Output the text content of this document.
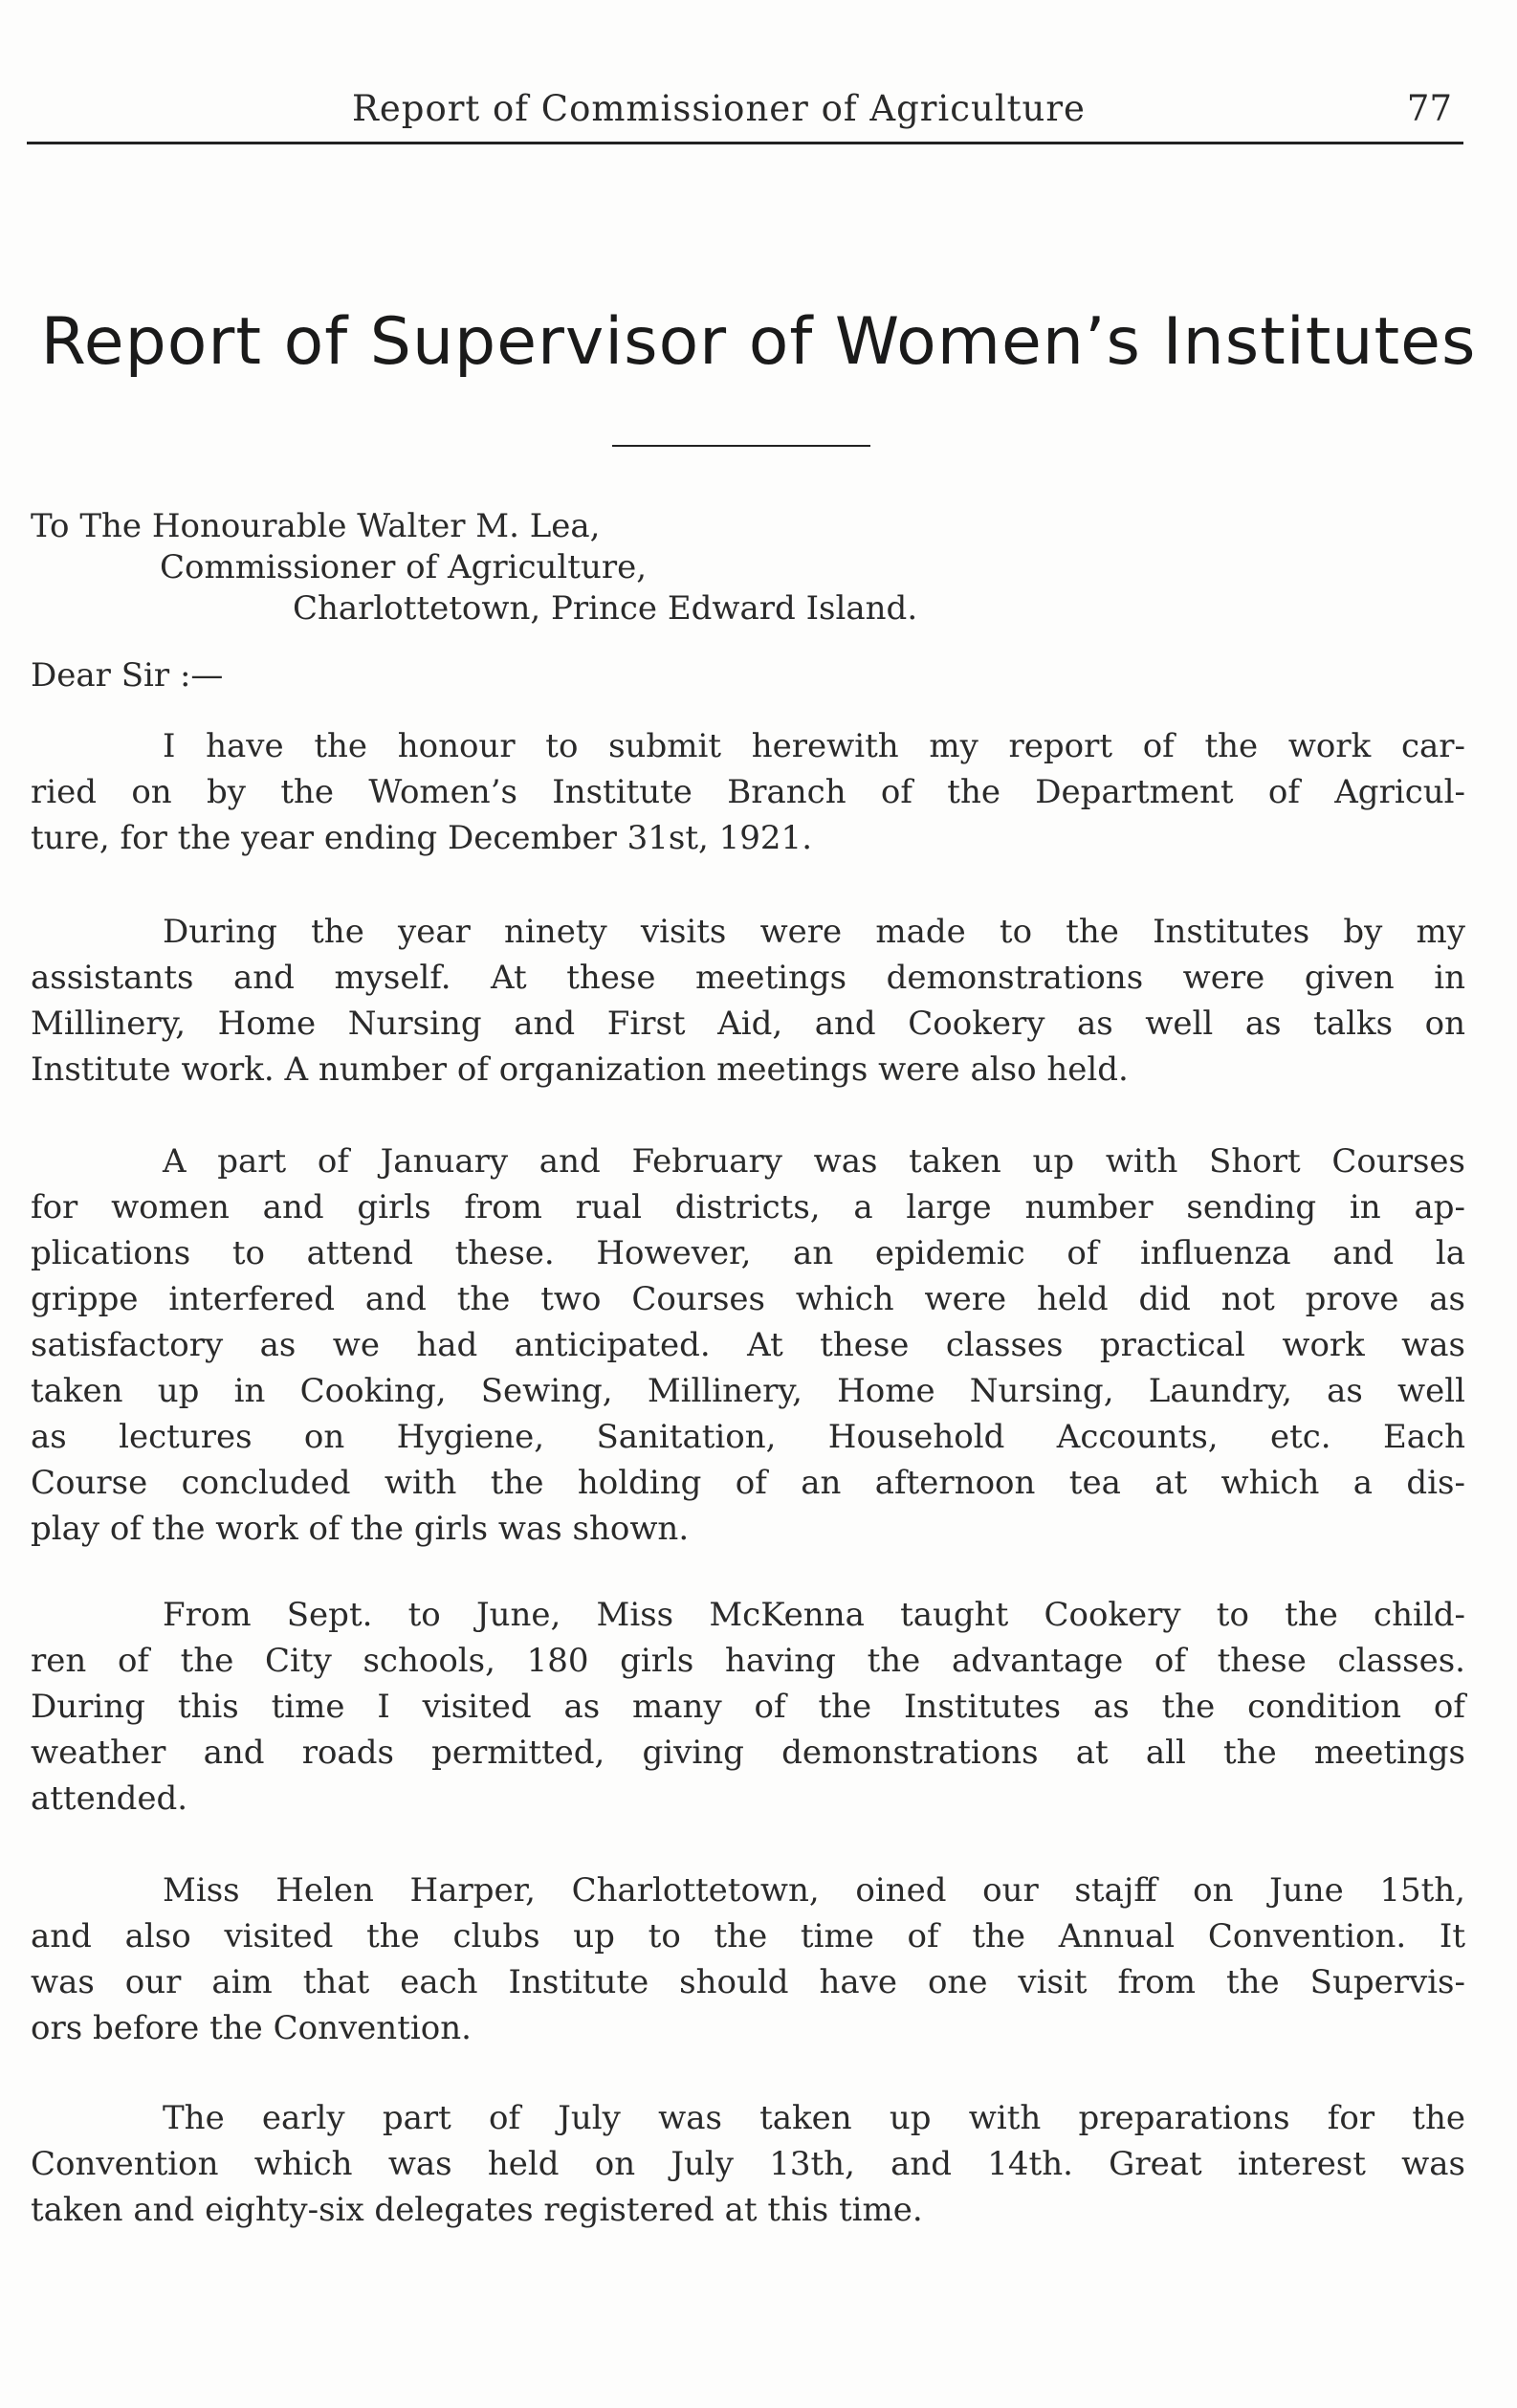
Report of Commissioner of Agriculture	77
Report of Supervisor of Women’s Institutes
To The Honourable Walter M. Lea,
Commissioner of Agriculture,
Charlottetown, Prince Edward Island.
Dear Sir :—
I have the honour to submit herewith my report of the work car-
ried on by the Women’s Institute Branch of the Department of Agricul-
ture, for the year ending December 31st, 1921.
During the year ninety visits were made to the Institutes by my
assistants and myself. At these meetings demonstrations were given in
Millinery, Home Nursing and First Aid, and Cookery as well as talks on
Institute work. A number of organization meetings were also held.
A part of January and February was taken up with Short Courses
for women and girls from rual districts, a large number sending in ap-
plications to attend these. However, an epidemic of influenza and la
grippe interfered and the two Courses which were held did not prove as
satisfactory as we had anticipated. At these classes practical work was
taken up in Cooking, Sewing, Millinery, Home Nursing, Laundry, as well
as lectures on Hygiene, Sanitation, Household Accounts, etc. Each
Course concluded with the holding of an afternoon tea at which a dis-
play of the work of the girls was shown.
From Sept. to June, Miss McKenna taught Cookery to the child-
ren of the City schools, 180 girls having the advantage of these classes.
During this time I visited as many of the Institutes as the condition of
weather and roads permitted, giving demonstrations at all the meetings
attended.
Miss Helen Harper, Charlottetown, oined our stajff on June 15th,
and also visited the clubs up to the time of the Annual Convention. It
was our aim that each Institute should have one visit from the Supervis-
ors before the Convention.
The early part of July was taken up with preparations for the
Convention which was held on July 13th, and 14th. Great interest was
taken and eighty-six delegates registered at this time.
